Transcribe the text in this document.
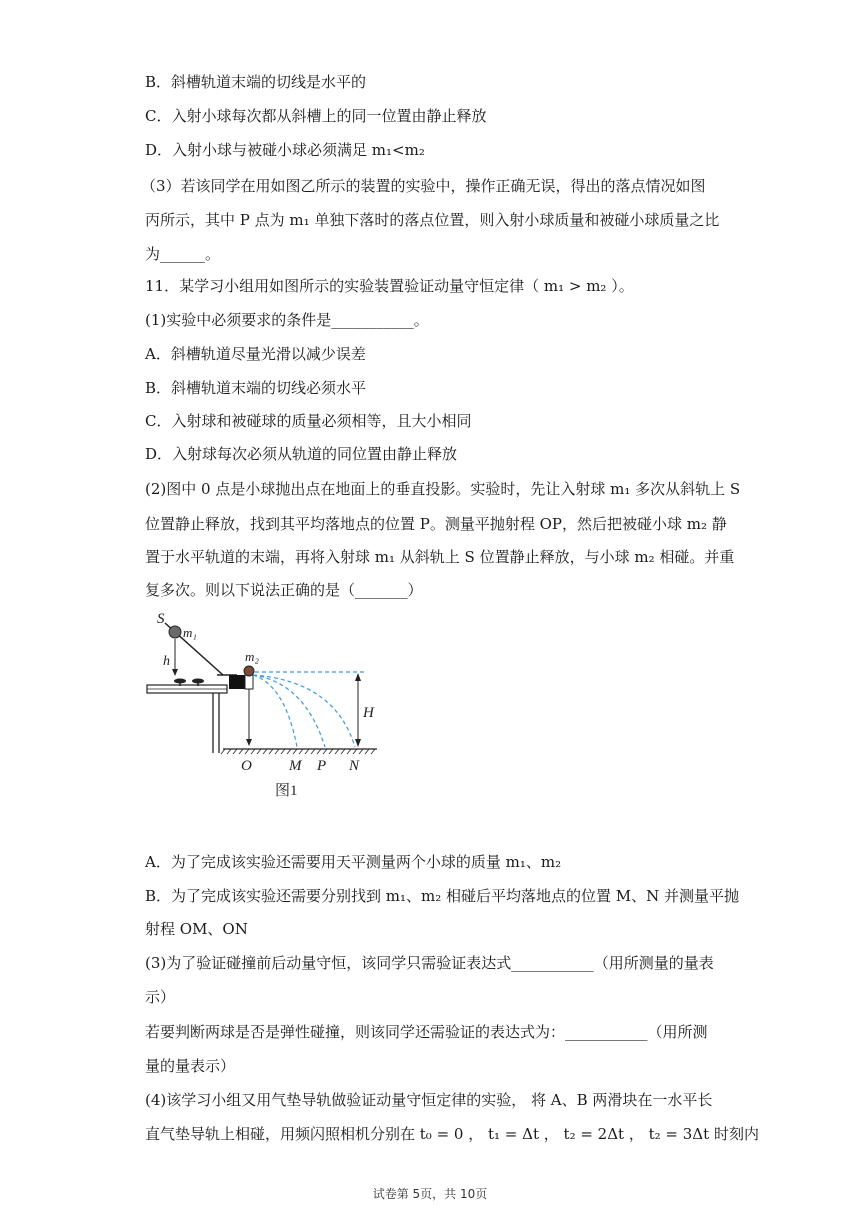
B．斜槽轨道末端的切线是水平的
C．入射小球每次都从斜槽上的同一位置由静止释放
D．入射小球与被碰小球必须满足 m₁<m₂
（3）若该同学在用如图乙所示的装置的实验中，操作正确无误，得出的落点情况如图
丙所示，其中 P 点为 m₁ 单独下落时的落点位置，则入射小球质量和被碰小球质量之比
为______。
11．某学习小组用如图所示的实验装置验证动量守恒定律（ m₁ > m₂ ）。
(1)实验中必须要求的条件是___________。
A．斜槽轨道尽量光滑以减少误差
B．斜槽轨道末端的切线必须水平
C．入射球和被碰球的质量必须相等，且大小相同
D．入射球每次必须从轨道的同位置由静止释放
(2)图中 0 点是小球抛出点在地面上的垂直投影。实验时，先让入射球 m₁ 多次从斜轨上 S
位置静止释放，找到其平均落地点的位置 P。测量平抛射程 OP，然后把被碰小球 m₂ 静
置于水平轨道的末端，再将入射球 m₁ 从斜轨上 S 位置静止释放，与小球 m₂ 相碰。并重
复多次。则以下说法正确的是（_______）
S
m₁
h	m₂
H
O M P N
图1
A．为了完成该实验还需要用天平测量两个小球的质量 m₁、m₂
B．为了完成该实验还需要分别找到 m₁、m₂ 相碰后平均落地点的位置 M、N 并测量平抛
射程 OM、ON
(3)为了验证碰撞前后动量守恒，该同学只需验证表达式___________（用所测量的量表
示）
若要判断两球是否是弹性碰撞，则该同学还需验证的表达式为：___________（用所测
量的量表示）
(4)该学习小组又用气垫导轨做验证动量守恒定律的实验， 将 A、B 两滑块在一水平长
直气垫导轨上相碰，用频闪照相机分别在 t₀ = 0 ， t₁ = Δt ， t₂ = 2Δt ， t₂ = 3Δt 时刻内
试卷第 5页，共 10页
